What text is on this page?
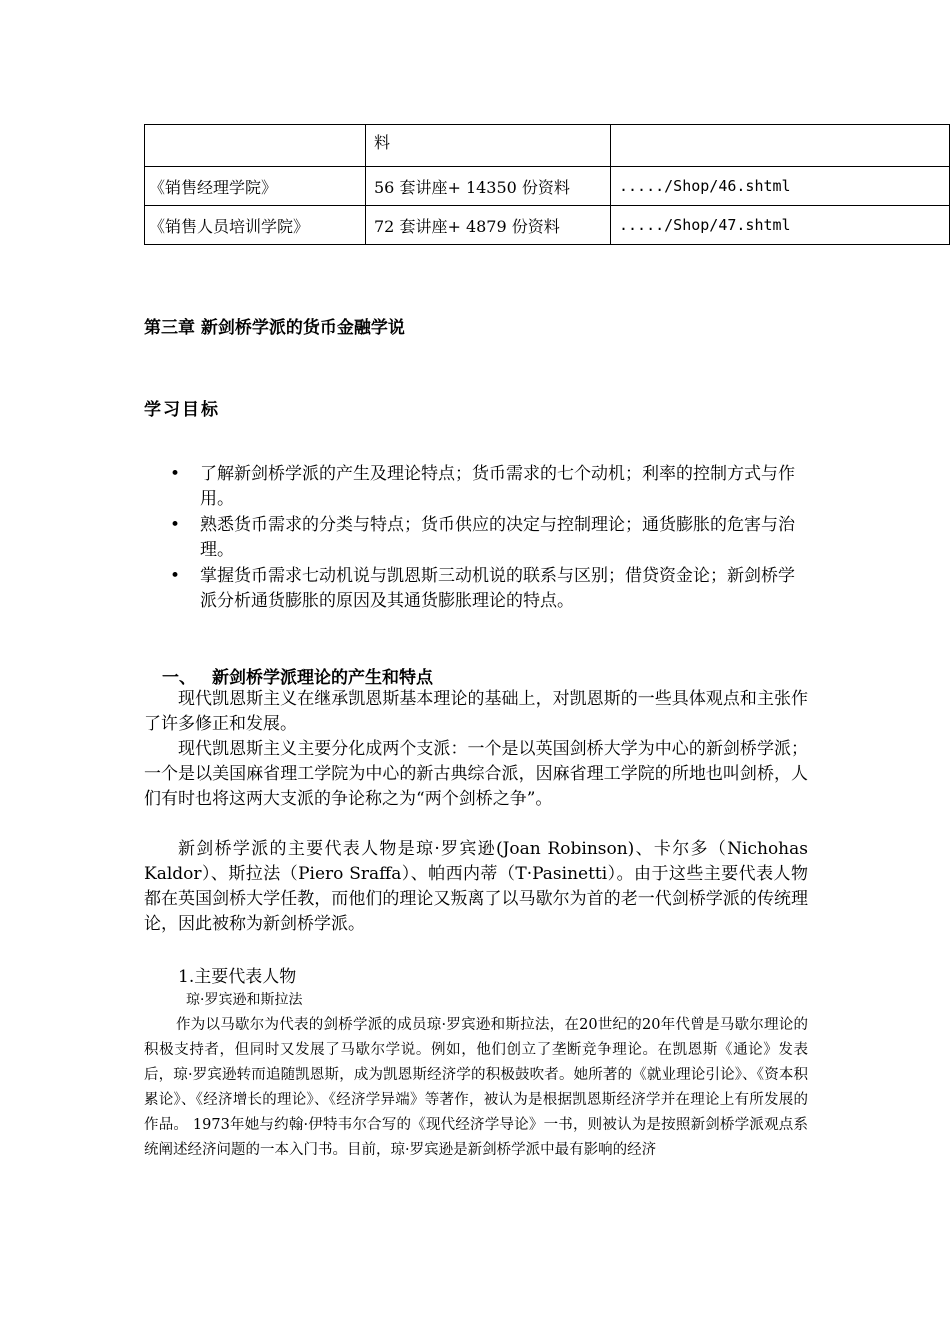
	料	
《销售经理学院》	56 套讲座+ 14350 份资料	...../Shop/46.shtml
《销售人员培训学院》	72 套讲座+ 4879 份资料	...../Shop/47.shtml
第三章 新剑桥学派的货币金融学说
学习目标
• 了解新剑桥学派的产生及理论特点；货币需求的七个动机；利率的控制方式与作用。
• 熟悉货币需求的分类与特点；货币供应的决定与控制理论；通货膨胀的危害与治理。
• 掌握货币需求七动机说与凯恩斯三动机说的联系与区别；借贷资金论；新剑桥学派分析通货膨胀的原因及其通货膨胀理论的特点。
一、 新剑桥学派理论的产生和特点

现代凯恩斯主义在继承凯恩斯基本理论的基础上，对凯恩斯的一些具体观点和主张作了许多修正和发展。

现代凯恩斯主义主要分化成两个支派：一个是以英国剑桥大学为中心的新剑桥学派；一个是以美国麻省理工学院为中心的新古典综合派，因麻省理工学院的所地也叫剑桥，人们有时也将这两大支派的争论称之为“两个剑桥之争”。

新剑桥学派的主要代表人物是琼·罗宾逊(Joan Robinson)、卡尔多（Nichohas Kaldor）、斯拉法（Piero Sraffa）、帕西内蒂（T·Pasinetti）。由于这些主要代表人物都在英国剑桥大学任教，而他们的理论又叛离了以马歇尔为首的老一代剑桥学派的传统理论，因此被称为新剑桥学派。

1.主要代表人物
琼·罗宾逊和斯拉法

作为以马歇尔为代表的剑桥学派的成员琼·罗宾逊和斯拉法，在20世纪的20年代曾是马歇尔理论的积极支持者，但同时又发展了马歇尔学说。例如，他们创立了垄断竞争理论。在凯恩斯《通论》发表后，琼·罗宾逊转而追随凯恩斯，成为凯恩斯经济学的积极鼓吹者。她所著的《就业理论引论》、《资本积累论》、《经济增长的理论》、《经济学异端》等著作，被认为是根据凯恩斯经济学并在理论上有所发展的作品。 1973年她与约翰·伊特韦尔合写的《现代经济学导论》一书，则被认为是按照新剑桥学派观点系统阐述经济问题的一本入门书。目前，琼·罗宾逊是新剑桥学派中最有影响的经济
